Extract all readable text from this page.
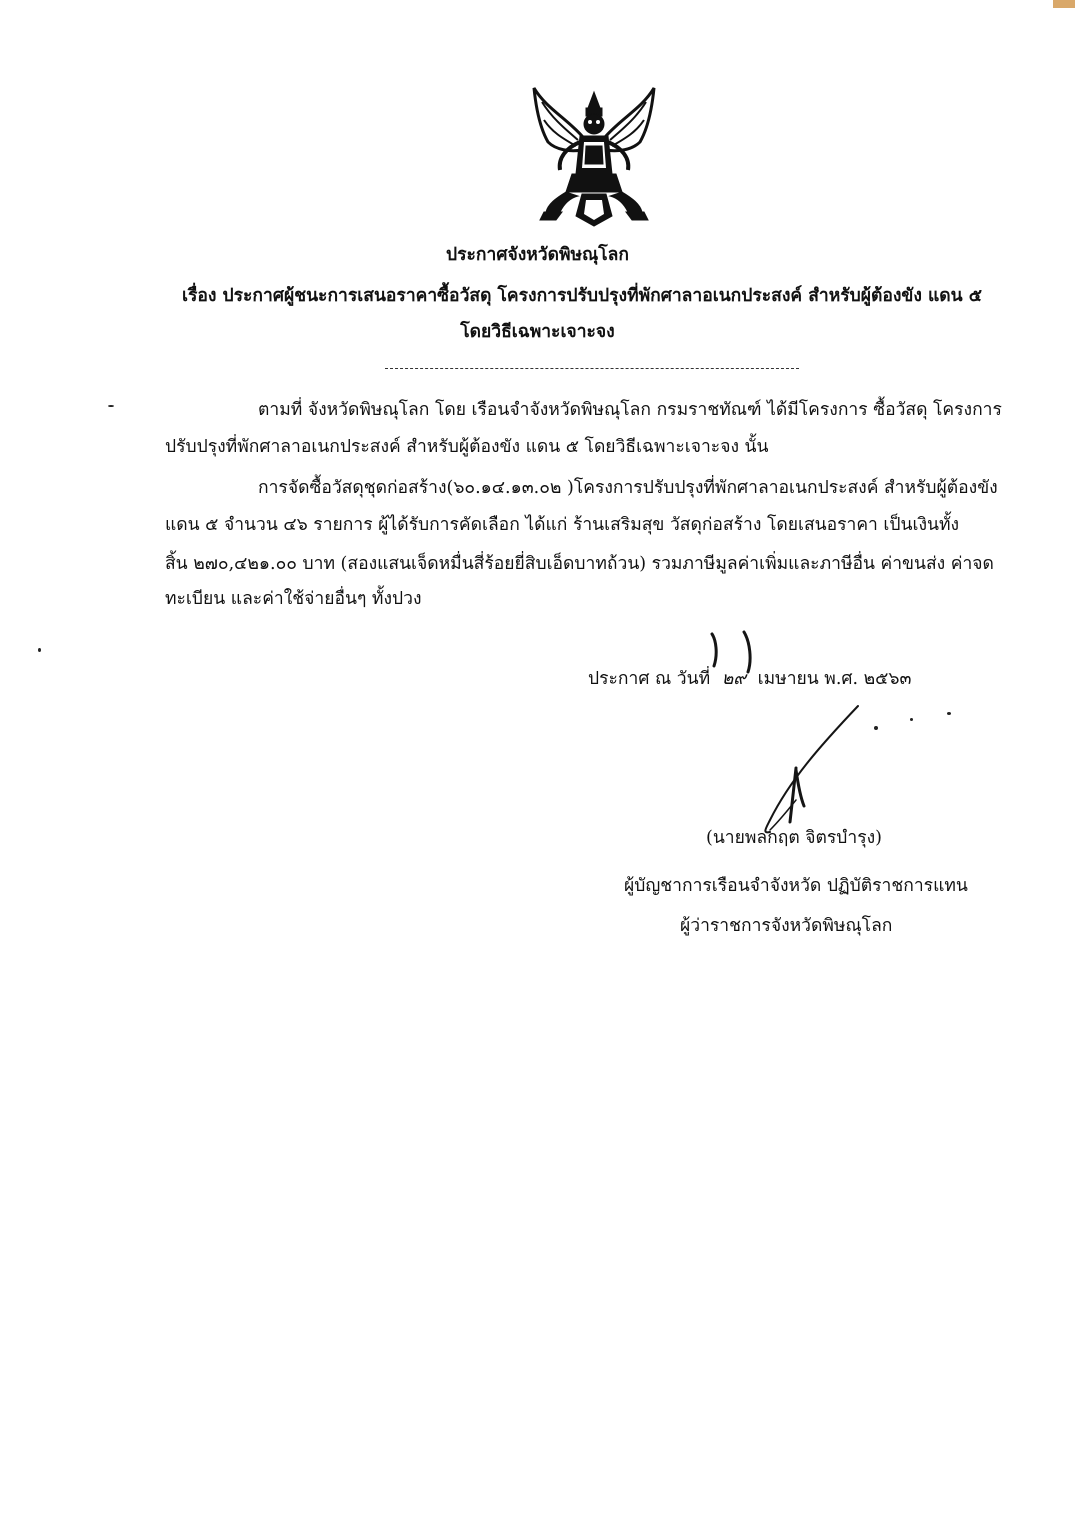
ประกาศจังหวัดพิษณุโลก
เรื่อง ประกาศผู้ชนะการเสนอราคาซื้อวัสดุ โครงการปรับปรุงที่พักศาลาอเนกประสงค์ สำหรับผู้ต้องขัง แดน ๕
โดยวิธีเฉพาะเจาะจง
ตามที่ จังหวัดพิษณุโลก โดย เรือนจำจังหวัดพิษณุโลก กรมราชทัณฑ์ ได้มีโครงการ ซื้อวัสดุ โครงการ
ปรับปรุงที่พักศาลาอเนกประสงค์ สำหรับผู้ต้องขัง แดน ๕ โดยวิธีเฉพาะเจาะจง นั้น
การจัดซื้อวัสดุชุดก่อสร้าง(๖๐.๑๔.๑๓.๐๒ )โครงการปรับปรุงที่พักศาลาอเนกประสงค์ สำหรับผู้ต้องขัง
แดน ๕ จำนวน ๔๖ รายการ ผู้ได้รับการคัดเลือก ได้แก่ ร้านเสริมสุข วัสดุก่อสร้าง โดยเสนอราคา เป็นเงินทั้ง
สิ้น ๒๗๐,๔๒๑.๐๐ บาท (สองแสนเจ็ดหมื่นสี่ร้อยยี่สิบเอ็ดบาทถ้วน) รวมภาษีมูลค่าเพิ่มและภาษีอื่น ค่าขนส่ง ค่าจด
ทะเบียน และค่าใช้จ่ายอื่นๆ ทั้งปวง
ประกาศ ณ วันที่ ๒๙ เมษายน พ.ศ. ๒๕๖๓
(นายพลกฤต จิตรบำรุง)
ผู้บัญชาการเรือนจำจังหวัด ปฏิบัติราชการแทน
ผู้ว่าราชการจังหวัดพิษณุโลก
